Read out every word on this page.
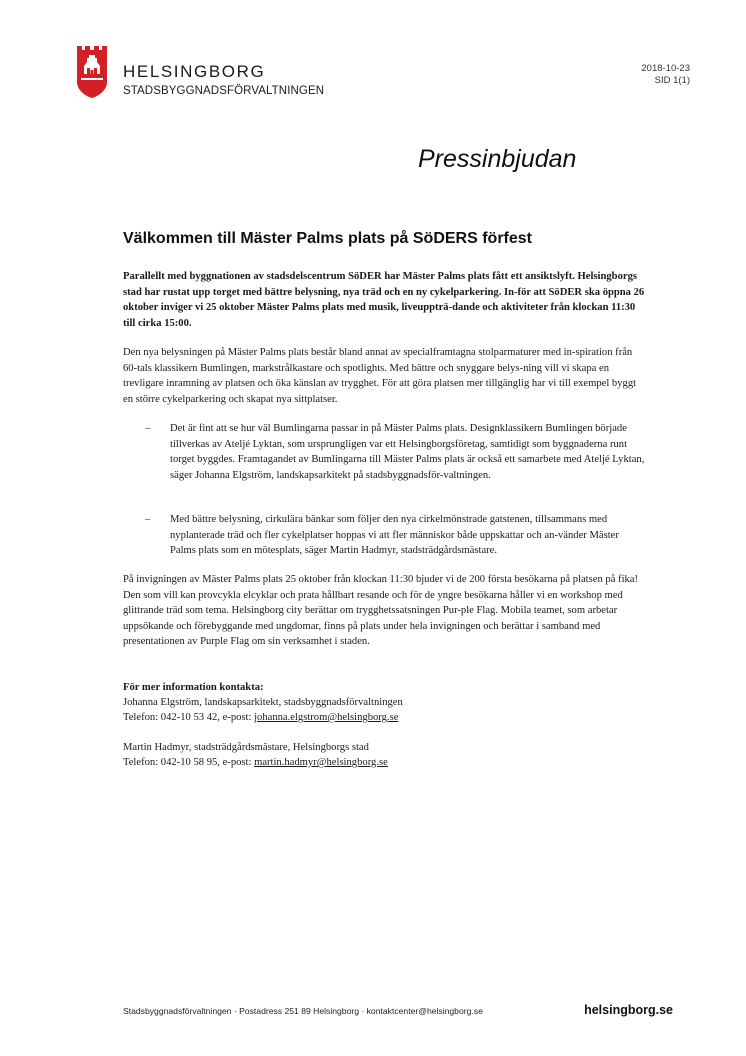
HELSINGBORG
STADSBYGGNADSFÖRVALTNINGEN
2018-10-23
SID 1(1)
Pressinbjudan
Välkommen till Mäster Palms plats på SöDERS förfest
Parallellt med byggnationen av stadsdelscentrum SöDER har Mäster Palms plats fått ett ansiktslyft. Helsingborgs stad har rustat upp torget med bättre belysning, nya träd och en ny cykelparkering. In-för att SöDER ska öppna 26 oktober inviger vi 25 oktober Mäster Palms plats med musik, liveuppträ-dande och aktiviteter från klockan 11:30 till cirka 15:00.
Den nya belysningen på Mäster Palms plats består bland annat av specialframtagna stolparmaturer med in-spiration från 60-tals klassikern Bumlingen, markstrålkastare och spotlights. Med bättre och snyggare belys-ning vill vi skapa en trevligare inramning av platsen och öka känslan av trygghet. För att göra platsen mer tillgänglig har vi till exempel byggt en större cykelparkering och skapat nya sittplatser.
– Det är fint att se hur väl Bumlingarna passar in på Mäster Palms plats. Designklassikern Bumlingen började tillverkas av Ateljé Lyktan, som ursprungligen var ett Helsingborgsföretag, samtidigt som byggnaderna runt torget byggdes. Framtagandet av Bumlingarna till Mäster Palms plats är också ett samarbete med Ateljé Lyktan, säger Johanna Elgström, landskapsarkitekt på stadsbyggnadsför-valtningen.
– Med bättre belysning, cirkulära bänkar som följer den nya cirkelmönstrade gatstenen, tillsammans med nyplanterade träd och fler cykelplatser hoppas vi att fler människor både uppskattar och an-vänder Mäster Palms plats som en mötesplats, säger Martin Hadmyr, stadsträdgårdsmästare.
På invigningen av Mäster Palms plats 25 oktober från klockan 11:30 bjuder vi de 200 första besökarna på platsen på fika! Den som vill kan provcykla elcyklar och prata hållbart resande och för de yngre besökarna håller vi en workshop med glittrande träd som tema. Helsingborg city berättar om trygghetssatsningen Pur-ple Flag. Mobila teamet, som arbetar uppsökande och förebyggande med ungdomar, finns på plats under hela invigningen och berättar i samband med presentationen av Purple Flag om sin verksamhet i staden.
För mer information kontakta:
Johanna Elgström, landskapsarkitekt, stadsbyggnadsförvaltningen
Telefon: 042-10 53 42, e-post: johanna.elgstrom@helsingborg.se
Martin Hadmyr, stadsträdgårdsmästare, Helsingborgs stad
Telefon: 042-10 58 95, e-post: martin.hadmyr@helsingborg.se
Stadsbyggnadsförvaltningen · Postadress 251 89 Helsingborg · kontaktcenter@helsingborg.se	helsingborg.se
